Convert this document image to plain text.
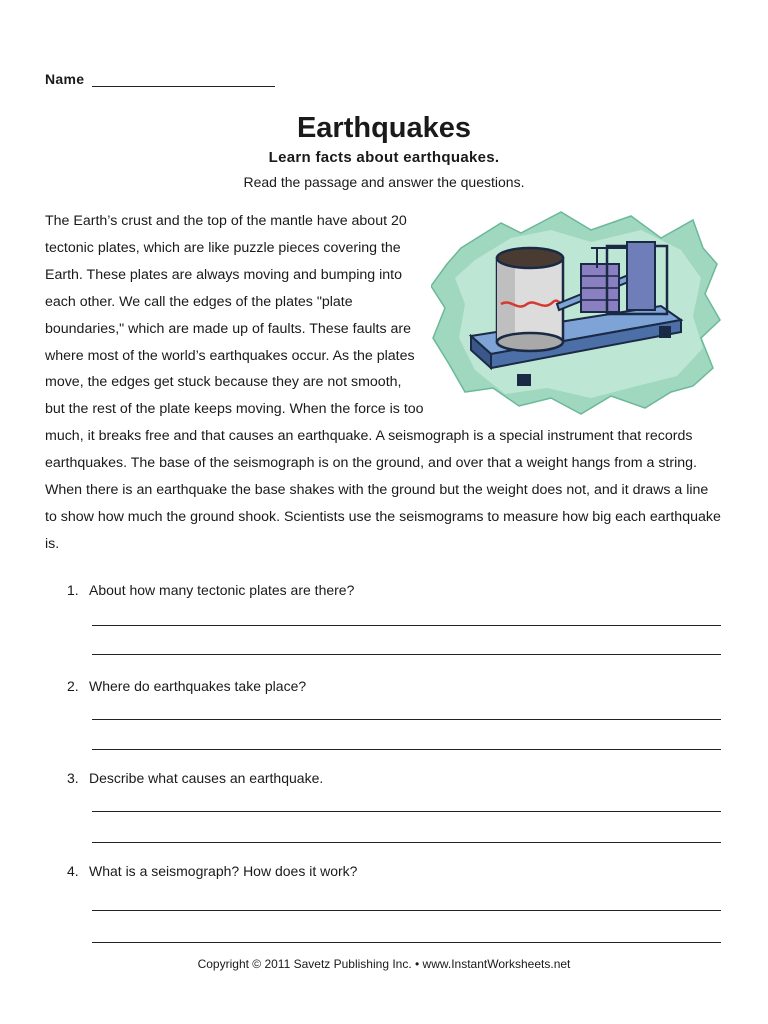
Name
Earthquakes
Learn facts about earthquakes.
Read the passage and answer the questions.
The Earth’s crust and the top of the mantle have about 20 tectonic plates, which are like puzzle pieces covering the Earth. These plates are always moving and bumping into each other. We call the edges of the plates "plate boundaries," which are made up of faults. These faults are where most of the world’s earthquakes occur. As the plates move, the edges get stuck because they are not smooth, but the rest of the plate keeps moving. When the force is too much, it breaks free and that causes an earthquake. A seismograph is a special instrument that records earthquakes. The base of the seismograph is on the ground, and over that a weight hangs from a string. When there is an earthquake the base shakes with the ground but the weight does not, and it draws a line to show how much the ground shook. Scientists use the seismograms to measure how big each earthquake is.
1. About how many tectonic plates are there?
2. Where do earthquakes take place?
3. Describe what causes an earthquake.
4. What is a seismograph? How does it work?
Copyright © 2011 Savetz Publishing Inc. • www.InstantWorksheets.net
